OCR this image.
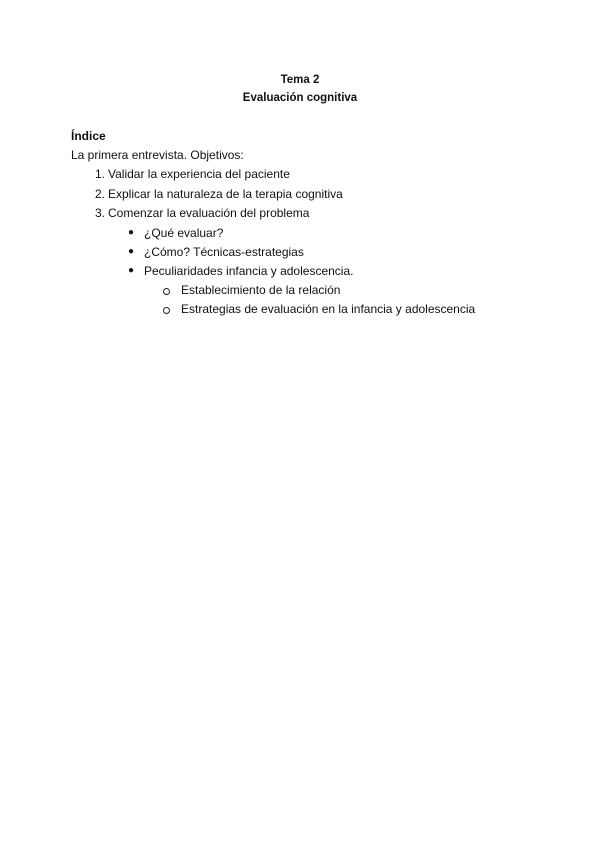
Tema 2
Evaluación cognitiva
Índice
La primera entrevista. Objetivos:
1. Validar la experiencia del paciente
2. Explicar la naturaleza de la terapia cognitiva
3. Comenzar la evaluación del problema
● ¿Qué evaluar?
● ¿Cómo? Técnicas-estrategias
● Peculiaridades infancia y adolescencia.
Establecimiento de la relación
Estrategias de evaluación en la infancia y adolescencia
